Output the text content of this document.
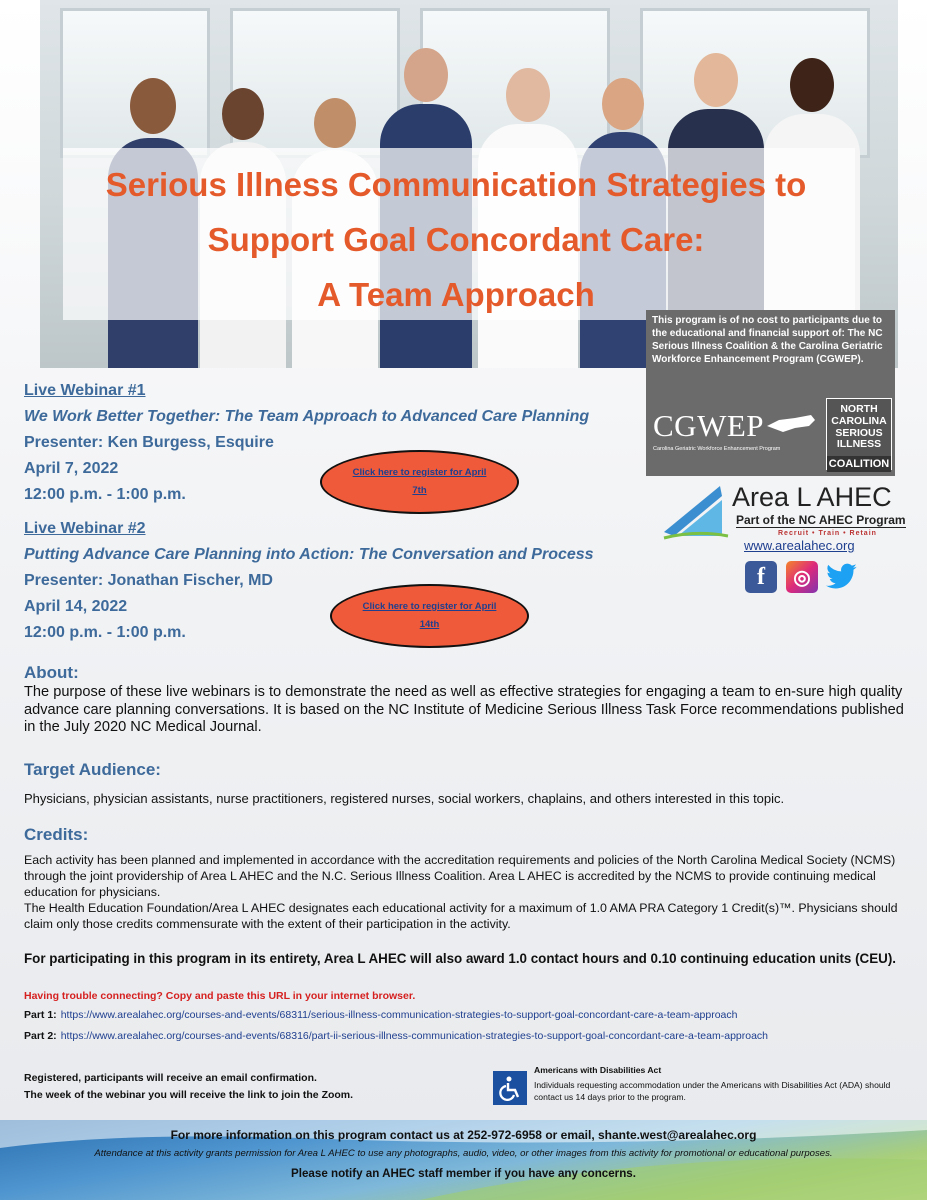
Serious Illness Communication Strategies to
Support Goal Concordant Care:
A Team Approach
This program is of no cost to participants due to the educational and financial support of: The NC Serious Illness Coalition & the Carolina Geriatric Workforce Enhancement Program (CGWEP).
CGWEP
Carolina Geriatric Workforce Enhancement Program
NORTH
CAROLINA
SERIOUS
ILLNESS
COALITION
Live Webinar #1
We Work Better Together: The Team Approach to Advanced Care Planning
Presenter: Ken Burgess, Esquire
April 7, 2022
12:00 p.m. - 1:00 p.m.
Click here to register for April 7th
Live Webinar #2
Putting Advance Care Planning into Action: The Conversation and Process
Presenter: Jonathan Fischer, MD
April 14, 2022
12:00 p.m. - 1:00 p.m.
Click here to register for April 14th
Area L AHEC
Part of the NC AHEC Program
Recruit • Train • Retain
www.arealahec.org
f	◎
About:
The purpose of these live webinars is to demonstrate the need as well as effective strategies for engaging a team to en-sure high quality advance care planning conversations. It is based on the NC Institute of Medicine Serious Illness Task Force recommendations published in the July 2020 NC Medical Journal.
Target Audience:
Physicians, physician assistants, nurse practitioners, registered nurses, social workers, chaplains, and others interested in this topic.
Credits:
Each activity has been planned and implemented in accordance with the accreditation requirements and policies of the North Carolina Medical Society (NCMS) through the joint providership of Area L AHEC and the N.C. Serious Illness Coalition. Area L AHEC is accredited by the NCMS to provide continuing medical education for physicians.
The Health Education Foundation/Area L AHEC designates each educational activity for a maximum of 1.0 AMA PRA Category 1 Credit(s)™. Physicians should claim only those credits commensurate with the extent of their participation in the activity.
For participating in this program in its entirety, Area L AHEC will also award 1.0 contact hours and 0.10 continuing education units (CEU).
Having trouble connecting? Copy and paste this URL in your internet browser.
Part 1: https://www.arealahec.org/courses-and-events/68311/serious-illness-communication-strategies-to-support-goal-concordant-care-a-team-approach
Part 2: https://www.arealahec.org/courses-and-events/68316/part-ii-serious-illness-communication-strategies-to-support-goal-concordant-care-a-team-approach
Registered, participants will receive an email confirmation.
The week of the webinar you will receive the link to join the Zoom.
Americans with Disabilities Act
Individuals requesting accommodation under the Americans with Disabilities Act (ADA) should contact us 14 days prior to the program.
For more information on this program contact us at 252-972-6958 or email, shante.west@arealahec.org
Attendance at this activity grants permission for Area L AHEC to use any photographs, audio, video, or other images from this activity for promotional or educational purposes.
Please notify an AHEC staff member if you have any concerns.
